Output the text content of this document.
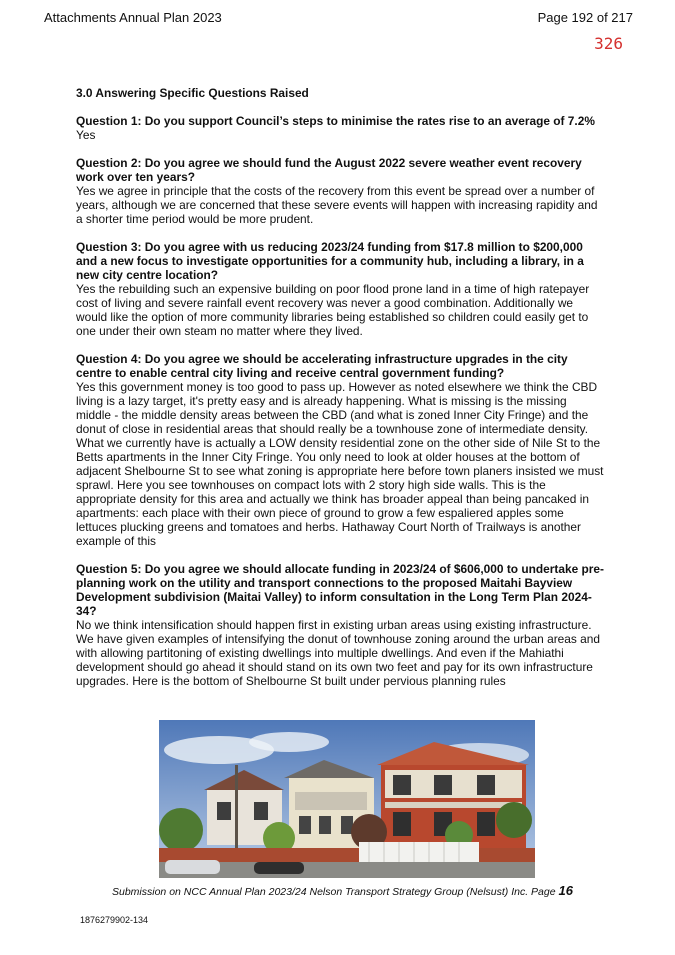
Attachments Annual Plan 2023	Page 192 of 217
326

3.0 Answering Specific Questions Raised

Question 1: Do you support Council’s steps to minimise the rates rise to an average of 7.2%

Yes

Question 2: Do you agree we should fund the August 2022 severe weather event recovery work over ten years?

Yes we agree in principle that the costs of the recovery from this event be spread over a number of years, although we are concerned that these severe events will happen with increasing rapidity and a shorter time period would be more prudent.

Question 3: Do you agree with us reducing 2023/24 funding from $17.8 million to $200,000 and a new focus to investigate opportunities for a community hub, including a library, in a new city centre location?

Yes the rebuilding such an expensive building on poor flood prone land in a time of high ratepayer cost of living and severe rainfall event recovery was never a good combination. Additionally we would like the option of more community libraries being established so children could easily get to one under their own steam no matter where they lived.

Question 4: Do you agree we should be accelerating infrastructure upgrades in the city centre to enable central city living and receive central government funding?

Yes this government money is too good to pass up. However as noted elsewhere we think the CBD living is a lazy target, it's pretty easy and is already happening. What is missing is the missing middle - the middle density areas between the CBD (and what is zoned Inner City Fringe) and the donut of close in residential areas that should really be a townhouse zone of intermediate density. What we currently have is actually a LOW density residential zone on the other side of Nile St to the Betts apartments in the Inner City Fringe. You only need to look at older houses at the bottom of adjacent Shelbourne St to see what zoning is appropriate here before town planers insisted we must sprawl. Here you see townhouses on compact lots with 2 story high side walls. This is the appropriate density for this area and actually we think has broader appeal than being pancaked in apartments: each place with their own piece of ground to grow a few espaliered apples some lettuces plucking greens and tomatoes and herbs. Hathaway Court North of Trailways is another example of this

Question 5: Do you agree we should allocate funding in 2023/24 of $606,000 to undertake pre-planning work on the utility and transport connections to the proposed Maitahi Bayview Development subdivision (Maitai Valley) to inform consultation in the Long Term Plan 2024-34?

No we think intensification should happen first in existing urban areas using existing infrastructure. We have given examples of intensifying the donut of townhouse zoning around the urban areas and with allowing partitoning of existing dwellings into multiple dwellings. And even if the Mahiathi development should go ahead it should stand on its own two feet and pay for its own infrastructure upgrades. Here is the bottom of Shelbourne St built under pervious planning rules

Submission on NCC Annual Plan 2023/24 Nelson Transport Strategy Group (Nelsust) Inc. Page 16
1876279902-134
